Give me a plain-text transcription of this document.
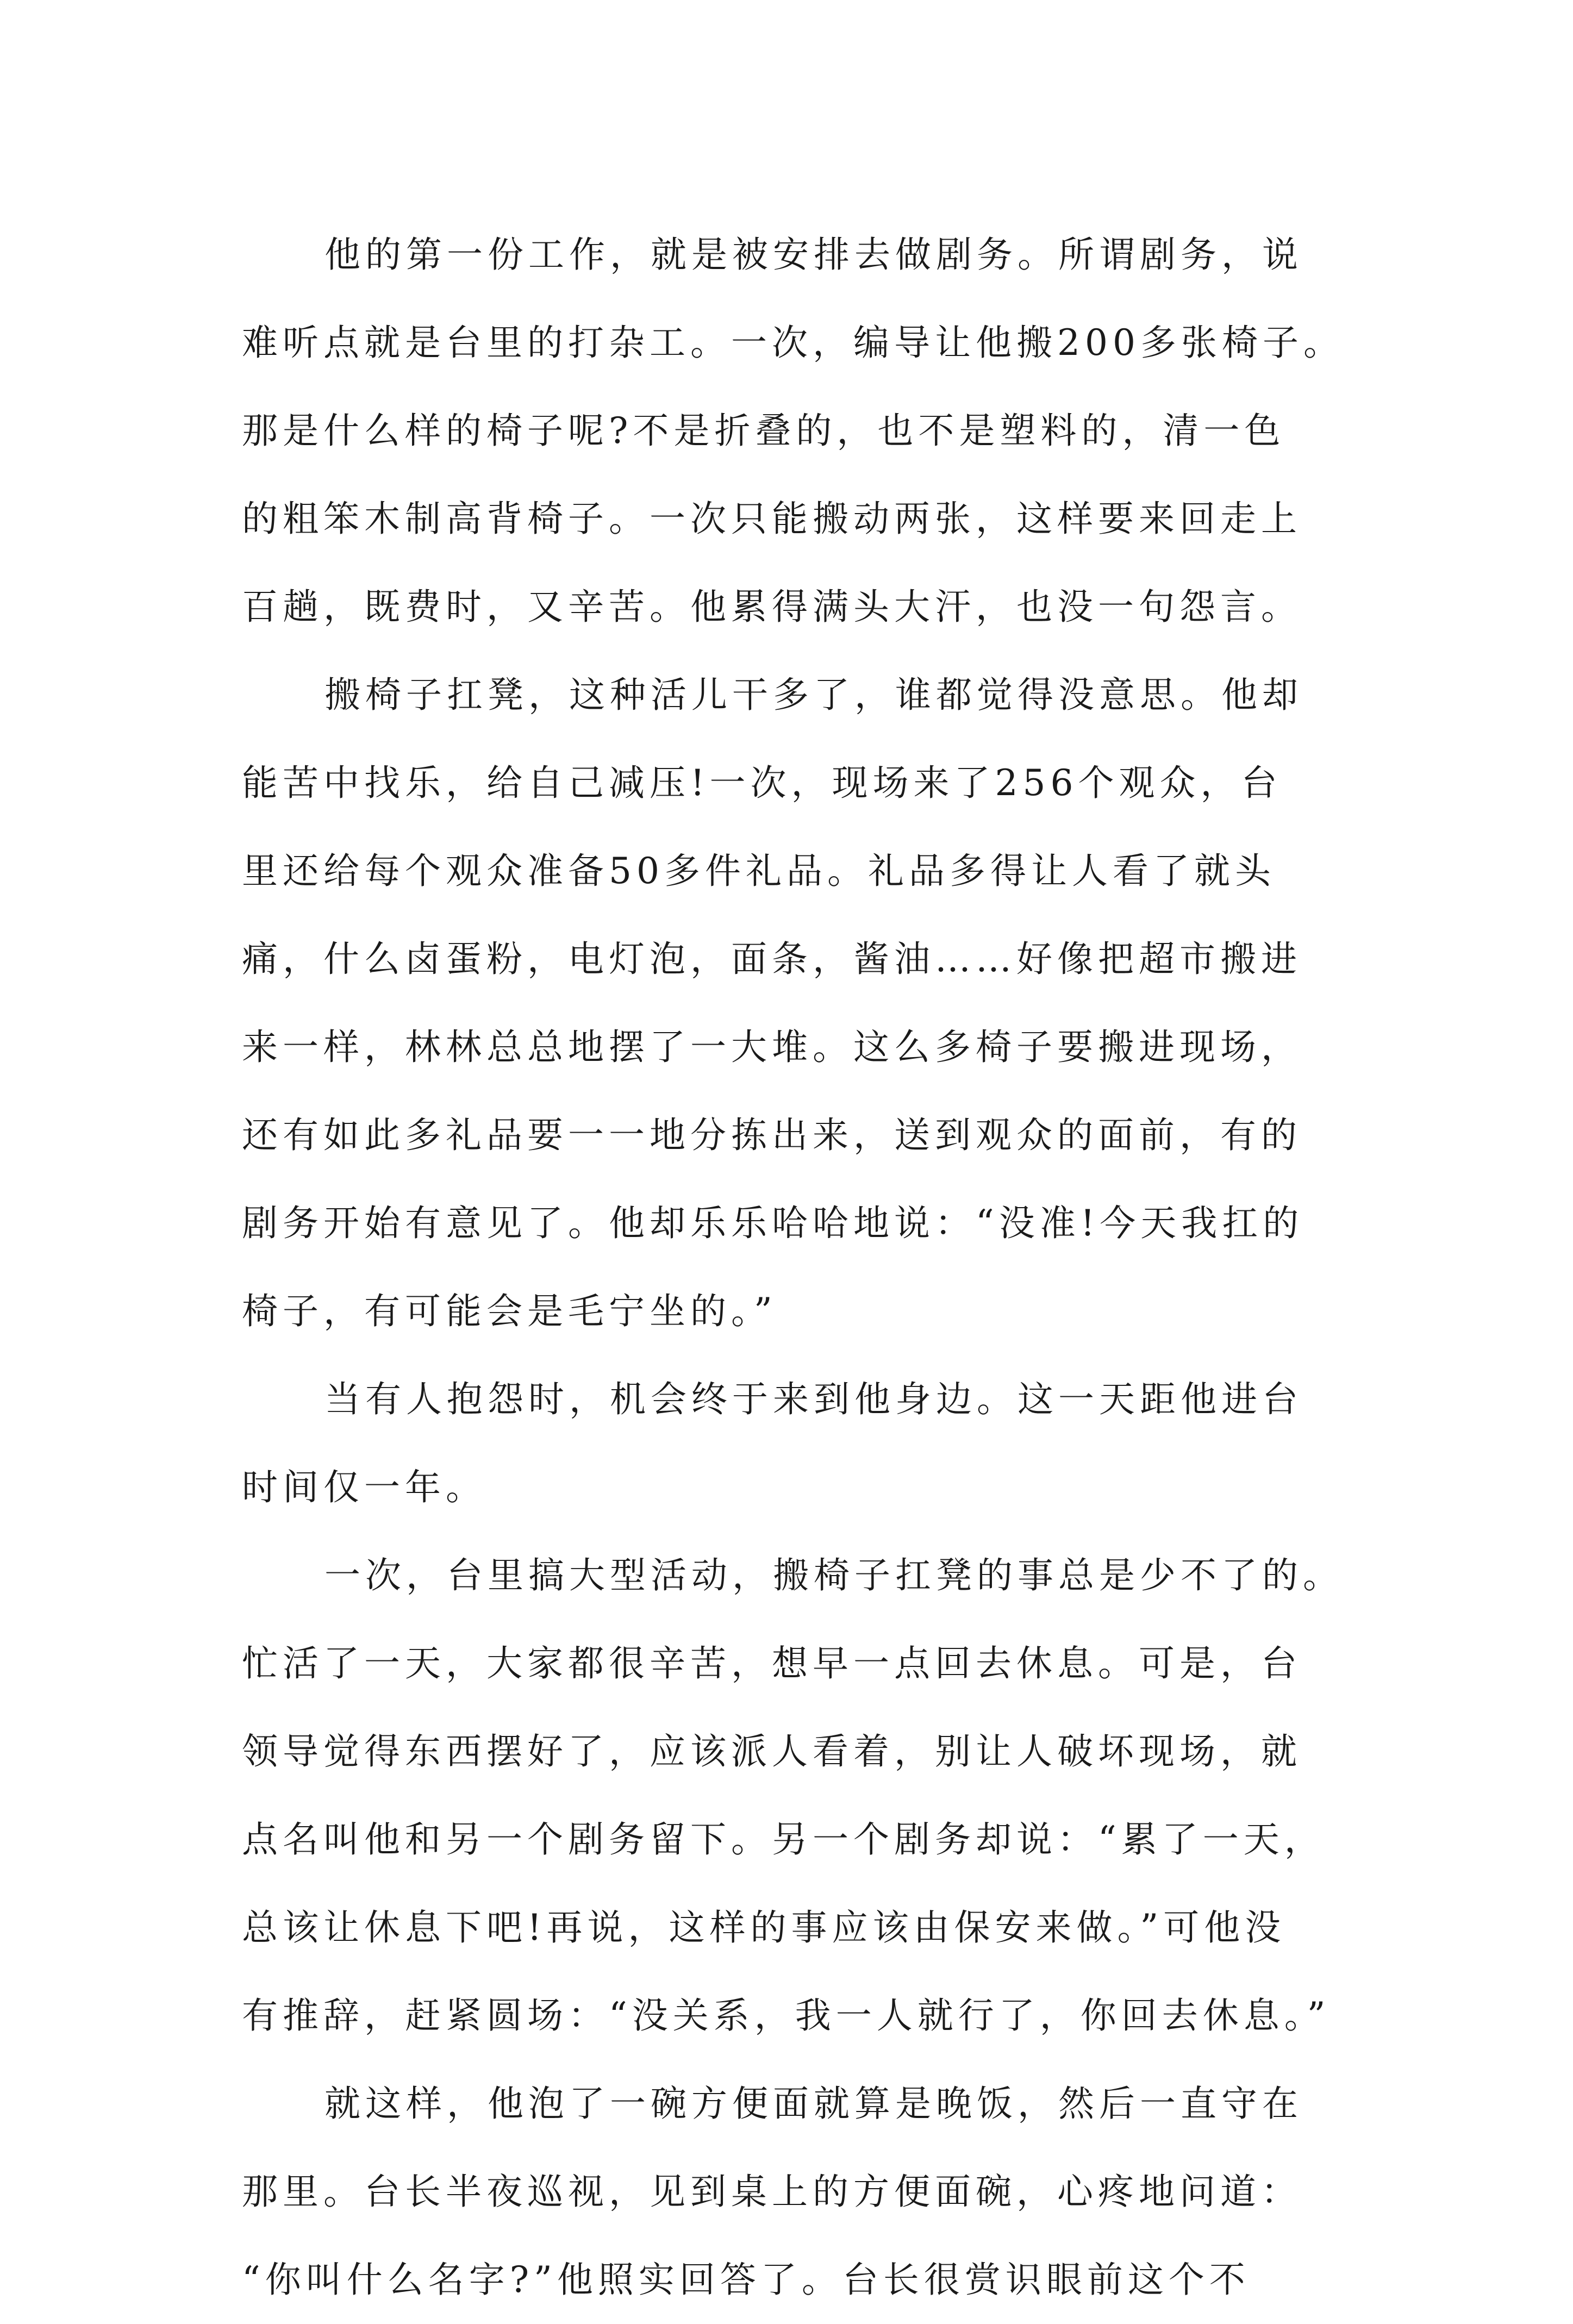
他的第一份工作，就是被安排去做剧务。所谓剧务，说
难听点就是台里的打杂工。一次，编导让他搬200多张椅子。
那是什么样的椅子呢?不是折叠的，也不是塑料的，清一色
的粗笨木制高背椅子。一次只能搬动两张，这样要来回走上
百趟，既费时，又辛苦。他累得满头大汗，也没一句怨言。
搬椅子扛凳，这种活儿干多了，谁都觉得没意思。他却
能苦中找乐，给自己减压!一次，现场来了256个观众，台
里还给每个观众准备50多件礼品。礼品多得让人看了就头
痛，什么卤蛋粉，电灯泡，面条，酱油……好像把超市搬进
来一样，林林总总地摆了一大堆。这么多椅子要搬进现场，
还有如此多礼品要一一地分拣出来，送到观众的面前，有的
剧务开始有意见了。他却乐乐哈哈地说：“没准!今天我扛的
椅子，有可能会是毛宁坐的。”
当有人抱怨时，机会终于来到他身边。这一天距他进台
时间仅一年。
一次，台里搞大型活动，搬椅子扛凳的事总是少不了的。
忙活了一天，大家都很辛苦，想早一点回去休息。可是，台
领导觉得东西摆好了，应该派人看着，别让人破坏现场，就
点名叫他和另一个剧务留下。另一个剧务却说：“累了一天，
总该让休息下吧!再说，这样的事应该由保安来做。”可他没
有推辞，赶紧圆场：“没关系，我一人就行了，你回去休息。”
就这样，他泡了一碗方便面就算是晚饭，然后一直守在
那里。台长半夜巡视，见到桌上的方便面碗，心疼地问道：
“你叫什么名字?”他照实回答了。台长很赏识眼前这个不
